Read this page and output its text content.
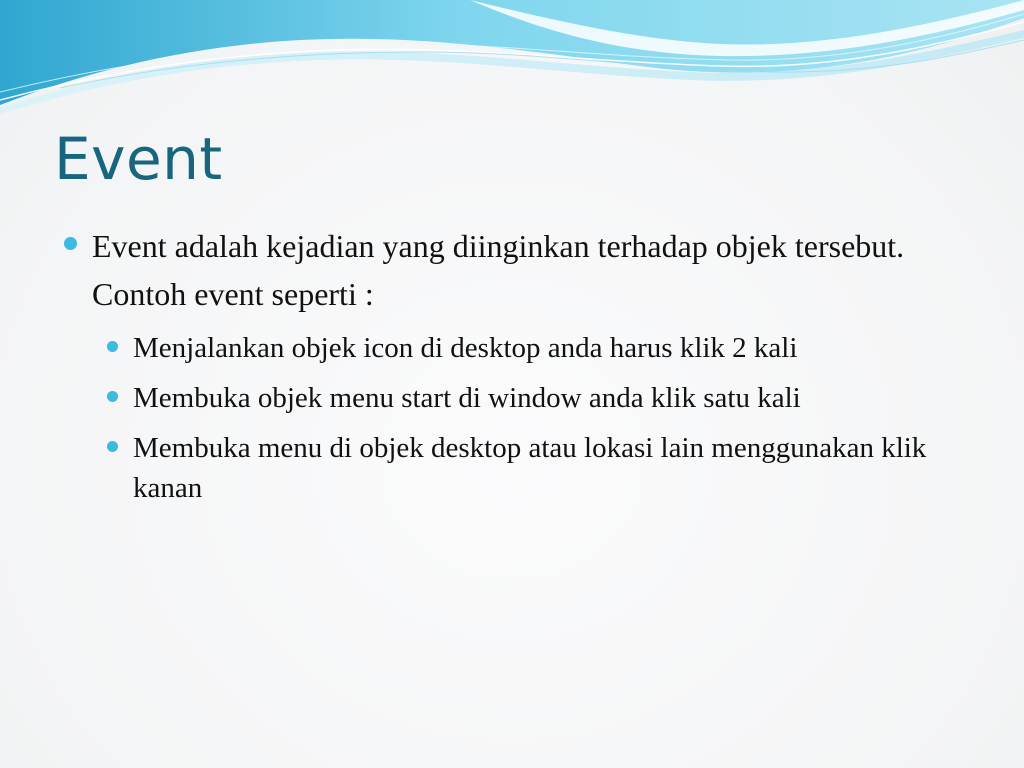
Event
Event adalah kejadian yang diinginkan terhadap objek tersebut. Contoh event seperti :
Menjalankan objek icon di desktop anda harus klik 2 kali
Membuka objek menu start di window anda klik satu kali
Membuka menu di objek desktop atau lokasi lain menggunakan klik kanan
